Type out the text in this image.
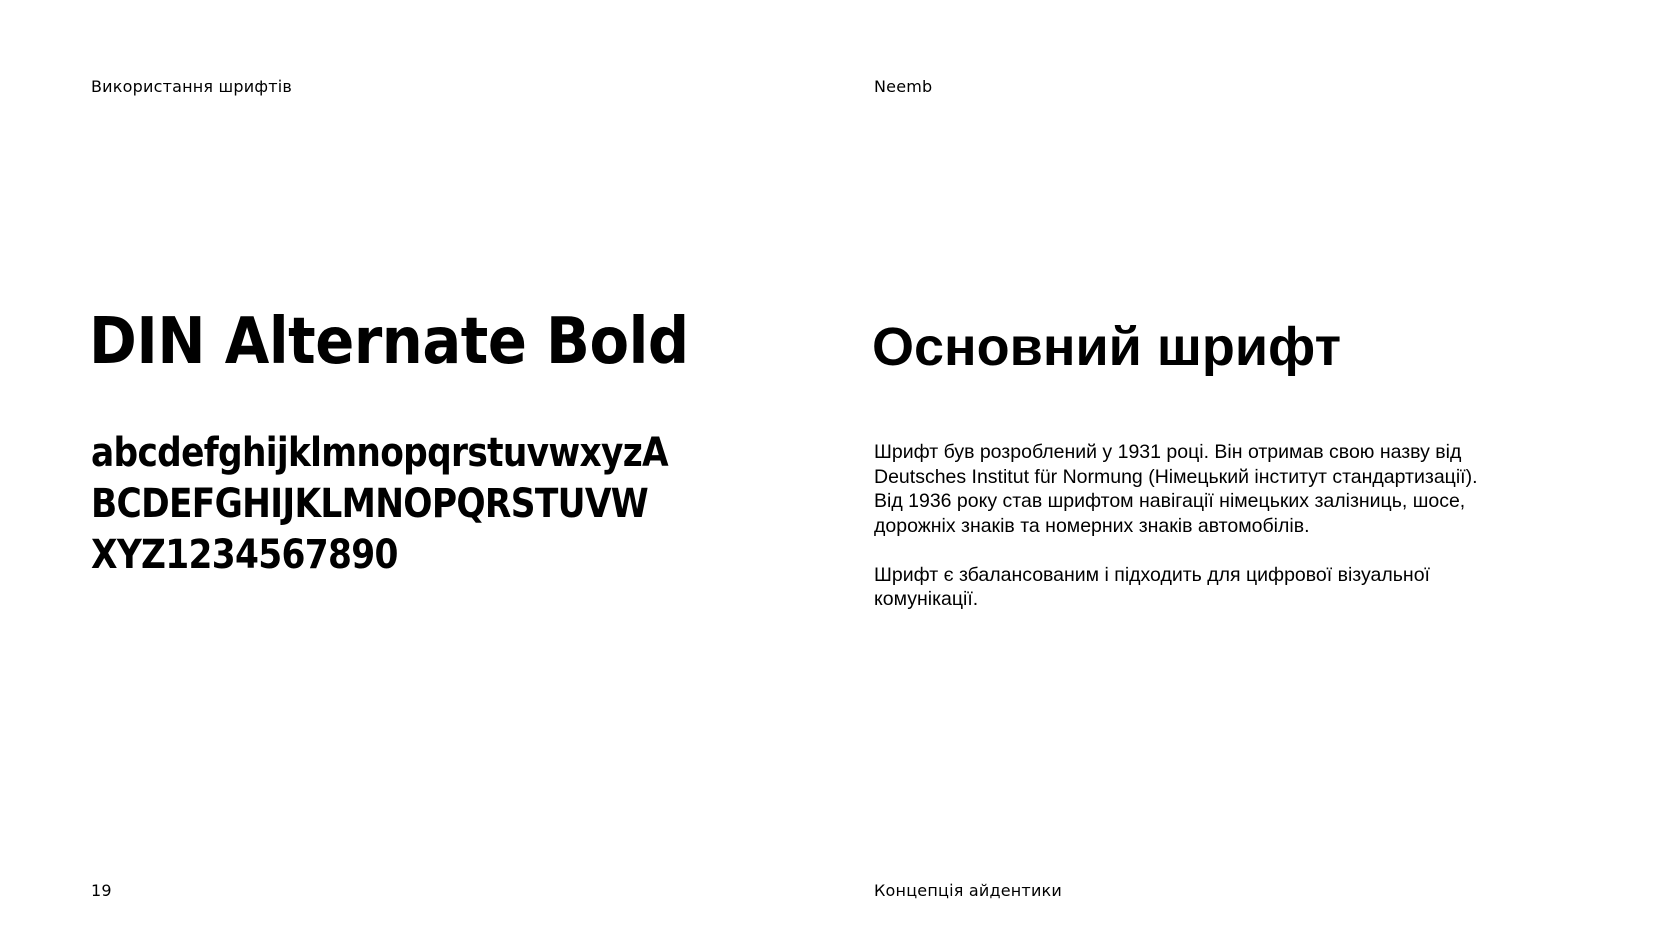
Використання шрифтів	Neemb
DIN Alternate Bold
abcdefghijklmnopqrstuvwxyzA
BCDEFGHIJKLMNOPQRSTUVW
XYZ1234567890
Основний шрифт

Шрифт був розроблений у 1931 році. Він отримав свою назву від
Deutsches Institut für Normung (Німецький інститут стандартизації).
Від 1936 року став шрифтом навігації німецьких залізниць, шосе,
дорожніх знаків та номерних знаків автомобілів.

Шрифт є збалансованим і підходить для цифрової візуальної
комунікації.

19	Концепція айдентики
